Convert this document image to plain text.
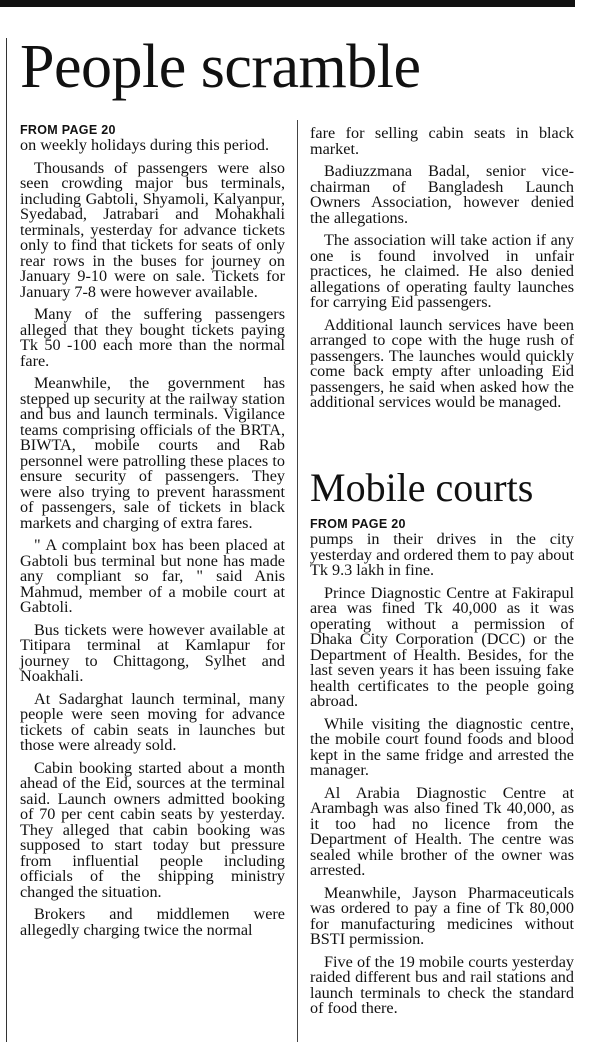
People scramble
FROM PAGE 20

on weekly holidays during this period.

Thousands of passengers were also seen crowding major bus terminals, including Gabtoli, Shyamoli, Kalyanpur, Syedabad, Jatrabari and Mohakhali terminals, yesterday for advance tickets only to find that tickets for seats of only rear rows in the buses for journey on January 9-10 were on sale. Tickets for January 7-8 were however available.

Many of the suffering passengers alleged that they bought tickets paying Tk 50 -100 each more than the normal fare.

Meanwhile, the government has stepped up security at the railway station and bus and launch terminals. Vigilance teams comprising officials of the BRTA, BIWTA, mobile courts and Rab personnel were patrolling these places to ensure security of passengers. They were also trying to prevent harassment of passengers, sale of tickets in black markets and charging of extra fares.

" A complaint box has been placed at Gabtoli bus terminal but none has made any compliant so far, " said Anis Mahmud, member of a mobile court at Gabtoli.

Bus tickets were however available at Titipara terminal at Kamlapur for journey to Chittagong, Sylhet and Noakhali.

At Sadarghat launch terminal, many people were seen moving for advance tickets of cabin seats in launches but those were already sold.

Cabin booking started about a month ahead of the Eid, sources at the terminal said. Launch owners admitted booking of 70 per cent cabin seats by yesterday. They alleged that cabin booking was supposed to start today but pressure from influential people including officials of the shipping ministry changed the situation.

Brokers and middlemen were allegedly charging twice the normal

fare for selling cabin seats in black market.

Badiuzzmana Badal, senior vice-chairman of Bangladesh Launch Owners Association, however denied the allegations.

The association will take action if any one is found involved in unfair practices, he claimed. He also denied allegations of operating faulty launches for carrying Eid passengers.

Additional launch services have been arranged to cope with the huge rush of passengers. The launches would quickly come back empty after unloading Eid passengers, he said when asked how the additional services would be managed.

Mobile courts
FROM PAGE 20

pumps in their drives in the city yesterday and ordered them to pay about Tk 9.3 lakh in fine.

Prince Diagnostic Centre at Fakirapul area was fined Tk 40,000 as it was operating without a permission of Dhaka City Corporation (DCC) or the Department of Health. Besides, for the last seven years it has been issuing fake health certificates to the people going abroad.

While visiting the diagnostic centre, the mobile court found foods and blood kept in the same fridge and arrested the manager.

Al Arabia Diagnostic Centre at Arambagh was also fined Tk 40,000, as it too had no licence from the Department of Health. The centre was sealed while brother of the owner was arrested.

Meanwhile, Jayson Pharmaceuticals was ordered to pay a fine of Tk 80,000 for manufacturing medicines without BSTI permission.

Five of the 19 mobile courts yesterday raided different bus and rail stations and launch terminals to check the standard of food there.
